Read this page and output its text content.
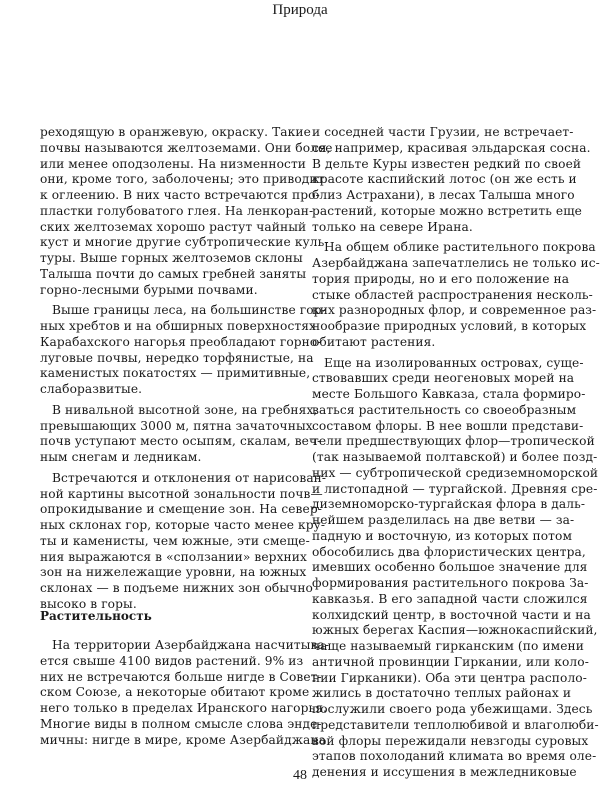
Природа
реходящую в оранжевую, окраску. Такие
почвы называются желтоземами. Они более
или менее оподзолены. На низменности
они, кроме того, заболочены; это приводит
к оглеению. В них часто встречаются про-
пластки голубоватого глея. На ленкоран-
ских желтоземах хорошо растут чайный
куст и многие другие субтропические куль-
туры. Выше горных желтоземов склоны
Талыша почти до самых гребней заняты
горно-лесными бурыми почвами.
Выше границы леса, на большинстве гор-
ных хребтов и на обширных поверхностях
Карабахского нагорья преобладают горно-
луговые почвы, нередко торфянистые, на
каменистых покатостях — примитивные,
слаборазвитые.
В нивальной высотной зоне, на гребнях,
превышающих 3000 м, пятна зачаточных
почв уступают место осыпям, скалам, веч-
ным снегам и ледникам.
Встречаются и отклонения от нарисован-
ной картины высотной зональности почв—
опрокидывание и смещение зон. На север-
ных склонах гор, которые часто менее кру-
ты и каменисты, чем южные, эти смеще-
ния выражаются в «сползании» верхних
зон на нижележащие уровни, на южных
склонах — в подъеме нижних зон обычно
высоко в горы.
Растительность
На территории Азербайджана насчитыва-
ется свыше 4100 видов растений. 9% из
них не встречаются больше нигде в Совет-
ском Союзе, а некоторые обитают кроме
него только в пределах Иранского нагорья.
Многие виды в полном смысле слова энде-
мичны: нигде в мире, кроме Азербайджана
и соседней части Грузии, не встречает-
ся, например, красивая эльдарская сосна.
В дельте Куры известен редкий по своей
красоте каспийский лотос (он же есть и
близ Астрахани), в лесах Талыша много
растений, которые можно встретить еще
только на севере Ирана.
На общем облике растительного покрова
Азербайджана запечатлелись не только ис-
тория природы, но и его положение на
стыке областей распространения несколь-
ких разнородных флор, и современное раз-
нообразие природных условий, в которых
обитают растения.
Еще на изолированных островах, суще-
ствовавших среди неогеновых морей на
месте Большого Кавказа, стала формиро-
ваться растительность со своеобразным
составом флоры. В нее вошли представи-
тели предшествующих флор—тропической
(так называемой полтавской) и более позд-
них — субтропической средиземноморской
и листопадной — тургайской. Древняя сре-
диземноморско-тургайская флора в даль-
нейшем разделилась на две ветви — за-
падную и восточную, из которых потом
обособились два флористических центра,
имевших особенно большое значение для
формирования растительного покрова За-
кавказья. В его западной части сложился
колхидский центр, в восточной части и на
южных берегах Каспия—южнокаспийский,
чаще называемый гирканским (по имени
античной провинции Гиркании, или коло-
нии Гирканики). Оба эти центра располо-
жились в достаточно теплых районах и
послужили своего рода убежищами. Здесь
представители теплолюбивой и влаголюби-
вой флоры пережидали невзгоды суровых
этапов похолоданий климата во время оле-
денения и иссушения в межледниковые
48
